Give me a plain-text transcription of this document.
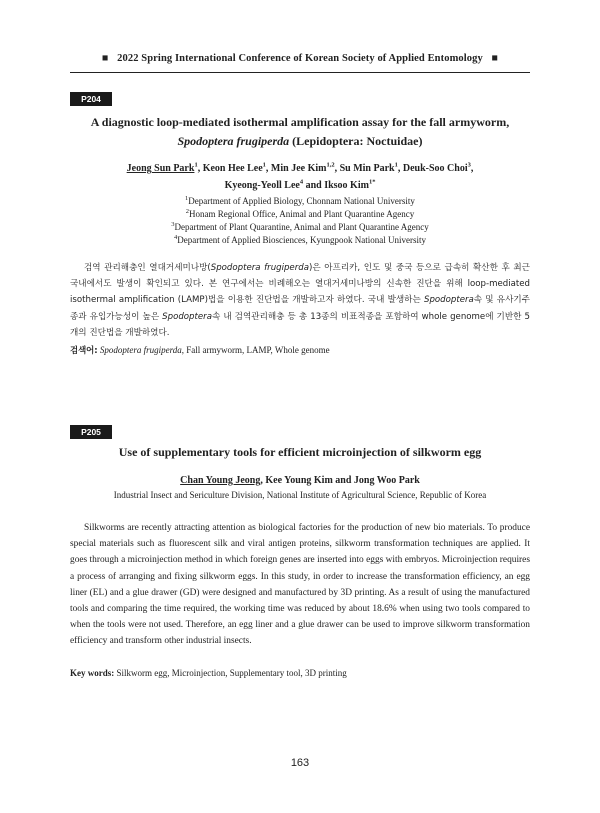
■ 2022 Spring International Conference of Korean Society of Applied Entomology ■
P204
A diagnostic loop-mediated isothermal amplification assay for the fall armyworm,
Spodoptera frugiperda (Lepidoptera: Noctuidae)
Jeong Sun Park$^1$, Keon Hee Lee$^1$, Min Jee Kim$^{1,2}$, Su Min Park$^1$, Deuk-Soo Choi$^3$,
Kyeong-Yeoll Lee$^4$ and Iksoo Kim$^{1*}$
$^1$Department of Applied Biology, Chonnam National University
$^2$Honam Regional Office, Animal and Plant Quarantine Agency
$^3$Department of Plant Quarantine, Animal and Plant Quarantine Agency
$^4$Department of Applied Biosciences, Kyungpook National University
검역 관리해충인 열대거세미나방(Spodoptera frugiperda)은 아프리카, 인도 및 중국 등으로 급속히 확산한 후 최근 국내에서도 발생이 확인되고 있다. 본 연구에서는 비례해오는 열대거세미나방의 신속한 진단을 위해 loop-mediated isothermal amplification (LAMP)법을 이용한 진단법을 개발하고자 하였다. 국내 발생하는 Spodoptera속 및 유사기주 종과 유입가능성이 높은 Spodoptera속 내 검역관리해충 등 총 13종의 비표적종을 포함하여 whole genome에 기반한 5개의 진단법을 개발하였다.
검색어: Spodoptera frugiperda, Fall armyworm, LAMP, Whole genome
P205
Use of supplementary tools for efficient microinjection of silkworm egg
Chan Young Jeong, Kee Young Kim and Jong Woo Park
Industrial Insect and Sericulture Division, National Institute of Agricultural Science, Republic of Korea
Silkworms are recently attracting attention as biological factories for the production of new bio materials. To produce special materials such as fluorescent silk and viral antigen proteins, silkworm transformation techniques are applied. It goes through a microinjection method in which foreign genes are inserted into eggs with embryos. Microinjection requires a process of arranging and fixing silkworm eggs. In this study, in order to increase the transformation efficiency, an egg liner (EL) and a glue drawer (GD) were designed and manufactured by 3D printing. As a result of using the manufactured tools and comparing the time required, the working time was reduced by about 18.6% when using two tools compared to when the tools were not used. Therefore, an egg liner and a glue drawer can be used to improve silkworm transformation efficiency and transform other industrial insects.
Key words: Silkworm egg, Microinjection, Supplementary tool, 3D printing
163
